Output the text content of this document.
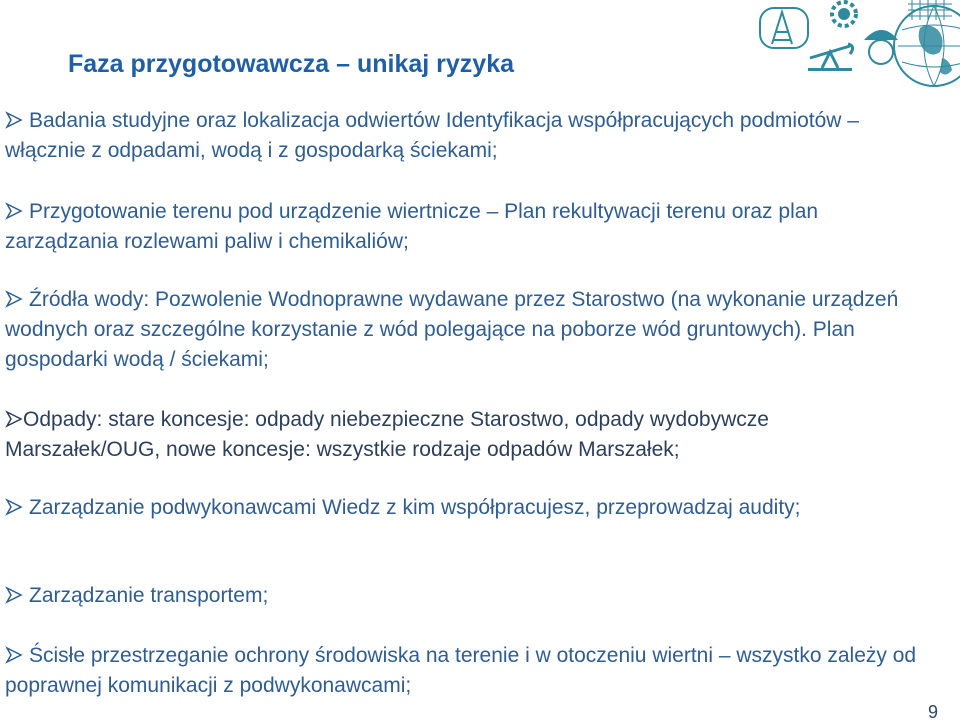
Faza przygotowawcza – unikaj ryzyka

Badania studyjne oraz lokalizacja odwiertów Identyfikacja współpracujących podmiotów – włącznie z odpadami, wodą i z gospodarką ściekami;

Przygotowanie terenu pod urządzenie wiertnicze – Plan rekultywacji terenu oraz plan zarządzania rozlewami paliw i chemikaliów;

Źródła wody: Pozwolenie Wodnoprawne wydawane przez Starostwo (na wykonanie urządzeń wodnych oraz szczególne korzystanie z wód polegające na poborze wód gruntowych). Plan gospodarki wodą / ściekami;

Odpady: stare koncesje: odpady niebezpieczne Starostwo, odpady wydobywcze Marszałek/OUG, nowe koncesje: wszystkie rodzaje odpadów Marszałek;

Zarządzanie podwykonawcami Wiedz z kim współpracujesz, przeprowadzaj audity;

Zarządzanie transportem;

Ścisłe przestrzeganie ochrony środowiska na terenie i w otoczeniu wiertni – wszystko zależy od poprawnej komunikacji z podwykonawcami;

9
